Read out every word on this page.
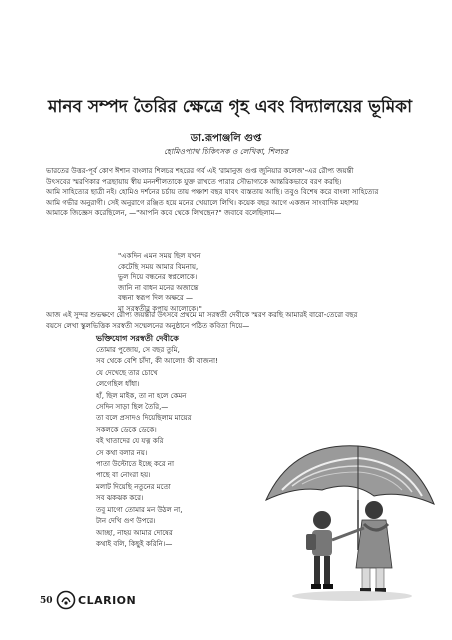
মানব সম্পদ তৈরির ক্ষেত্রে গৃহ এবং বিদ্যালয়ের ভূমিকা
ডা.রূপাঞ্জলি গুপ্ত
হোমিওপ্যাথ চিকিৎসক ও লেখিকা, শিলচর
ভারতের উত্তর-পূর্ব কোণ ঈশান বাংলার শিলচর শহরের গর্ব এই 'রামানুজ গুপ্ত জুনিয়ার কলেজ'-এর রৌপ্য জয়ন্তী
উৎসবের স্মরণিকার পত্রছায়ায় স্বীয় মননশীলতাকে যুক্ত রাখতে পারার সৌভাগ্যকে আন্তরিকভাবে বরণ করছি।
আমি সাহিত্যের ছাত্রী নই। হোমিও দর্শনের চর্চায় তায় পঞ্চাশ বছর যাবৎ ব্যস্ততায় আছি। তবুও বিশেষ করে বাংলা সাহিত্যের
আমি গভীর অনুরাগী। সেই অনুরাগে রঞ্জিত হয়ে মনের খেয়ালে লিখি। কয়েক বছর আগে একজন সাংবাদিক মহাশয়
আমাকে জিজ্ঞেস করেছিলেন, —"আপনি কবে থেকে লিখছেন?" জবাবে বলেছিলাম—
"একদিন এমন সময় ছিল যখন
কেটেছি সময় আমার বিমনায়,
ভুল দিয়ে বন্ধনের স্বপ্নলোকে।
জানি না বাধন মনের অজান্তে
বন্ধনা স্বরূপ দিল অক্ষরে —
মা সরস্বতীর কৃপায় আলোকে।"
আজ এই সুন্দর শুভক্ষণে রৌপ্য জয়ন্তীর উৎসবে প্রথমে মা সরস্বতী দেবীকে স্মরণ করছি আমারই বারো-তেরো বছর
বয়সে লেখা স্কুলভিত্তিক সরস্বতী সম্মেলনের অনুষ্ঠানে পঠিত কবিতা দিয়ে—
ভক্তিযোগ সরস্বতী দেবীকে
তোমার পুজোয়, সে বছর তুমি,
সব থেকে বেশি চাঁদা, কী আলো! কী বাজনা!
যে দেখেছে তার চোখে
লেগেছিল ধাঁধা।
হাঁ, ছিল মাইক, তা না হলে কেমন
সেদিন সাড়া ছিল তৈরি,—
তা বলে প্রসাদও দিয়েছিলাম মায়ের
সকলকে ডেকে ডেকে।
বই খাতাদের যে যত্ন করি
সে কথা বলার নয়।
পাতা উল্টোতে ইচ্ছে করে না
পাছে বা নোংরা হয়।
মলাট দিয়েছি নতুনের মতো
সব ঝকঝক করে।
তবু মাগো তোমার মন উঠল না,
টান দেখি গুণ উপরে।
আচ্ছা, নাহয় আমার দোষের
কথাই বলি, কিছুই করিনি।—
50 CLARION
